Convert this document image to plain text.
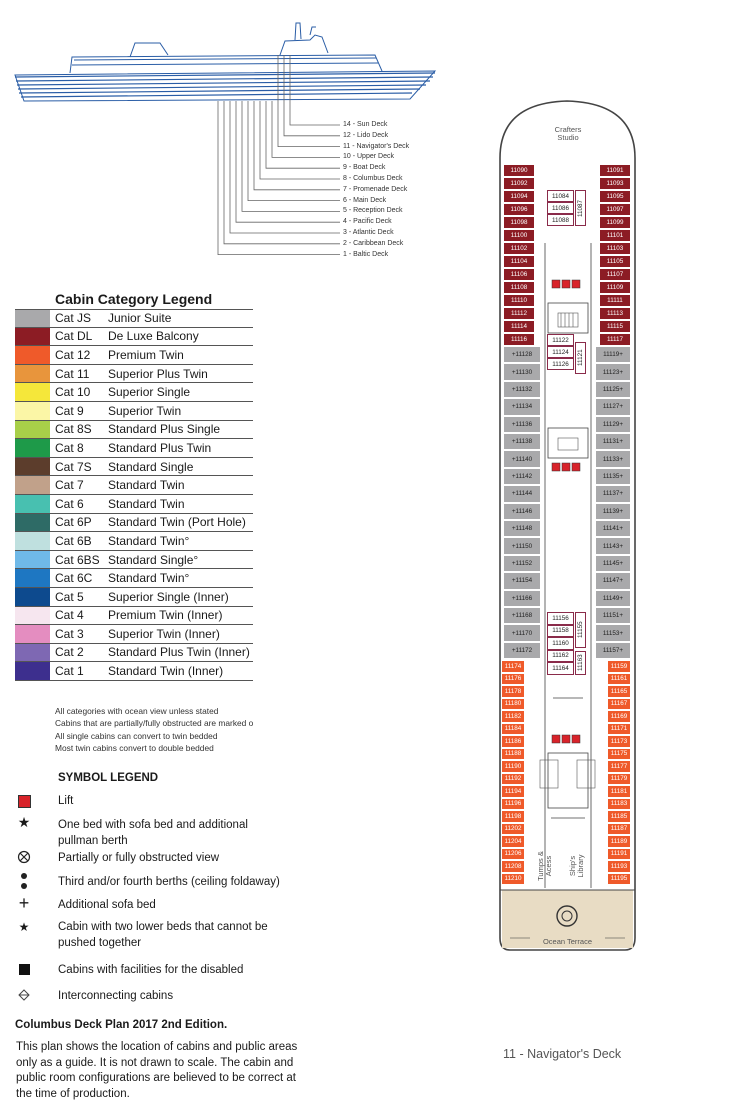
14 - Sun Deck
12 - Lido Deck
11 - Navigator's Deck
10 - Upper Deck
9 - Boat Deck
8 - Columbus Deck
7 - Promenade Deck
6 - Main Deck
5 - Reception Deck
4 - Pacific Deck
3 - Atlantic Deck
2 - Caribbean Deck
1 - Baltic Deck
Cabin Category Legend
Cat JS	Junior Suite
Cat DL	De Luxe Balcony
Cat 12	Premium Twin
Cat 11	Superior Plus Twin
Cat 10	Superior Single
Cat 9	Superior Twin
Cat 8S	Standard Plus Single
Cat 8	Standard Plus Twin
Cat 7S	Standard Single
Cat 7	Standard Twin
Cat 6	Standard Twin
Cat 6P	Standard Twin (Port Hole)
Cat 6B	Standard Twin°
Cat 6BS Standard Single°
Cat 6C	Standard Twin°
Cat 5	Superior Single (Inner)
Cat 4	Premium Twin (Inner)
Cat 3	Superior Twin (Inner)
Cat 2	Standard Plus Twin (Inner)
Cat 1	Standard Twin (Inner)
All categories with ocean view unless stated
Cabins that are partially/fully obstructed are marked o
All single cabins can convert to twin bedded
Most twin cabins convert to double bedded
SYMBOL LEGEND
Lift
★	One bed with sofa bed and additional pullman berth
Partially or fully obstructed view
Third and/or fourth berths (ceiling foldaway)
+	Additional sofa bed
★	Cabin with two lower beds that cannot be pushed together
Cabins with facilities for the disabled
Interconnecting cabins
Columbus Deck Plan 2017 2nd Edition.
This plan shows the location of cabins and public areas only as a guide. It is not drawn to scale. The cabin and public room configurations are believed to be correct at the time of production.
11 - Navigator's Deck
Crafters Studio
Tumps & Acess Ship's Library
Ocean Terrace
11090
11092
11094
11096
11098
11100
11102
11104
11106
11108
11110
11112
11114
11116
11091
11093
11095
11097
11099
11101
11103
11105
11107
11109
11111
11113
11115
11117
+11128
+11130
+11132
+11134
+11136
+11138
+11140
+11142
+11144
+11146
+11148
+11150
+11152
+11154
+11166
+11168
+11170
+11172
11119+
11123+
11125+
11127+
11129+
11131+
11133+
11135+
11137+
11139+
11141+
11143+
11145+
11147+
11149+
11151+
11153+
11157+
11174
11176
11178
11180
11182
11184
11186
11188
11190
11192
11194
11196
11198
11202
11204
11206
11208
11210
11159
11161
11165
11167
11169
11171
11173
11175
11177
11179
11181
11183
11185
11187
11189
11191
11193
11195
11084
11086
11088
11087
11122
11124
11126	11121
11156
11158
11160
11162
11164
11155
11163
